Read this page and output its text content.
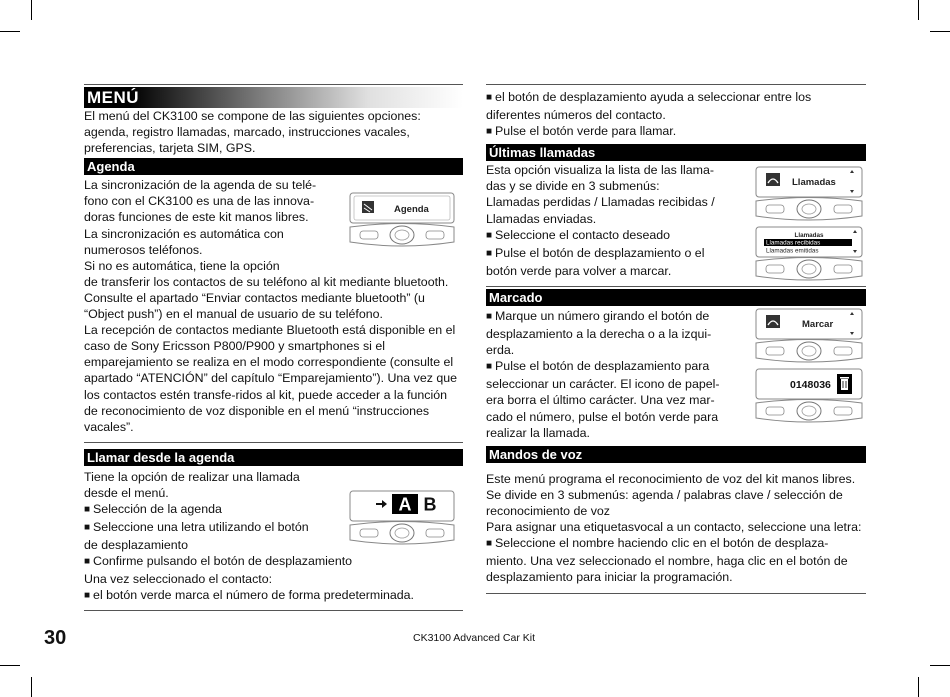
MENÚ

El menú del CK3100 se compone de las siguientes opciones: agenda, registro llamadas, marcado, instrucciones vacales, preferencias, tarjeta SIM, GPS.

Agenda

La sincronización de la agenda de su telé-

fono con el CK3100 es una de las innova-

doras funciones de este kit manos libres.

La sincronización es automática con

numerosos teléfonos.

Si no es automática, tiene la opción

de transferir los contactos de su teléfono al kit mediante bluetooth. Consulte el apartado “Enviar contactos mediante bluetooth” (u “Object push”) en el manual de usuario de su teléfono.

La recepción de contactos mediante Bluetooth está disponible en el caso de Sony Ericsson P800/P900 y smartphones si el emparejamiento se realiza en el modo correspondiente (consulte el apartado “ATENCIÓN” del capítulo “Emparejamiento”). Una vez que los contactos estén transfe-ridos al kit, puede acceder a la función de reconocimiento de voz disponible en el menú “instrucciones vacales”.

Llamar desde la agenda

Tiene la opción de realizar una llamada

desde el menú.

■ Selección de la agenda

■ Seleccione una letra utilizando el botón

de desplazamiento

■ Confirme pulsando el botón de desplazamiento

Una vez seleccionado el contacto:

■ el botón verde marca el número de forma predeterminada.

■ el botón de desplazamiento ayuda a seleccionar entre los diferentes números del contacto.

■ Pulse el botón verde para llamar.

Últimas llamadas

Esta opción visualiza la lista de las llama-

das y se divide en 3 submenús:

Llamadas perdidas / Llamadas recibidas /

Llamadas enviadas.

■ Seleccione el contacto deseado

■ Pulse el botón de desplazamiento o el

botón verde para volver a marcar.

Marcado

■ Marque un número girando el botón de

desplazamiento a la derecha o a la izqui-

erda.

■ Pulse el botón de desplazamiento para

seleccionar un carácter. El icono de papel-

era borra el último carácter. Una vez mar-

cado el número, pulse el botón verde para

realizar la llamada.

Mandos de voz

Este menú programa el reconocimiento de voz del kit manos libres. Se divide en 3 submenús: agenda / palabras clave / selección de reconocimiento de voz

Para asignar una etiquetasvocal a un contacto, seleccione una letra:

■ Seleccione el nombre haciendo clic en el botón de desplaza-miento. Una vez seleccionado el nombre, haga clic en el botón de desplazamiento para iniciar la programación.

Agenda
A B
Llamadas
Llamadas
Llamadas recibidas
Llamadas emitidas
Marcar
0148036
30	CK3100 Advanced Car Kit
